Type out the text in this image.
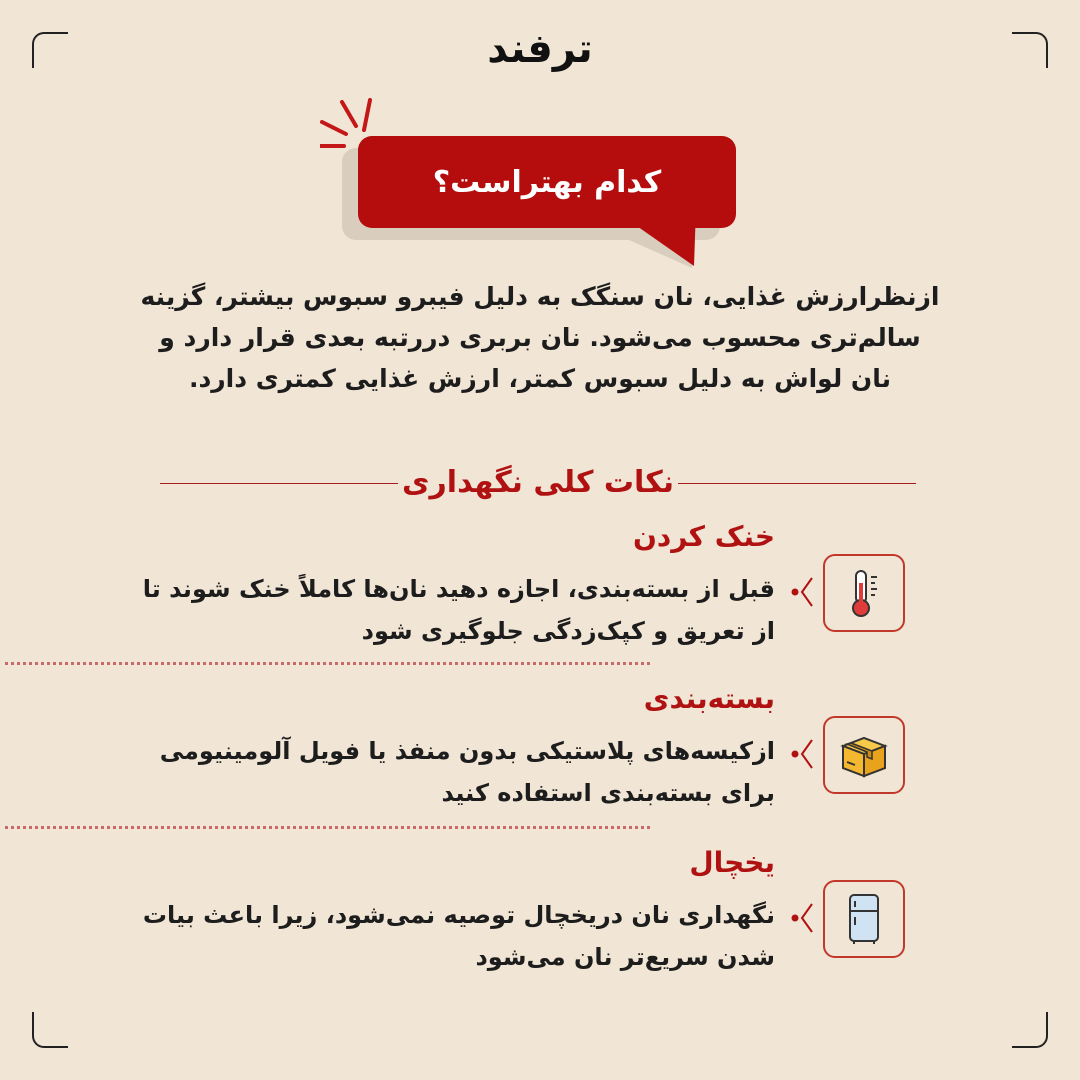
ترفند
کدام بهتراست؟
ازنظرارزش غذایی، نان سنگک به دلیل فیبرو سبوس بیشتر، گزینه سالم‌تری محسوب می‌شود. نان بربری دررتبه بعدی قرار دارد و نان لواش به دلیل سبوس کمتر، ارزش غذایی کمتری دارد.
نکات کلی نگهداری
خنک کردن
قبل از بسته‌بندی، اجازه دهید نان‌ها کاملاً خنک شوند تا از تعریق و کپک‌زدگی جلوگیری شود
بسته‌بندی
ازکیسه‌های پلاستیکی بدون منفذ یا فویل آلومینیومی برای بسته‌بندی استفاده کنید
یخچال
نگهداری نان دریخچال توصیه نمی‌شود، زیرا باعث بیات شدن سریع‌تر نان می‌شود
